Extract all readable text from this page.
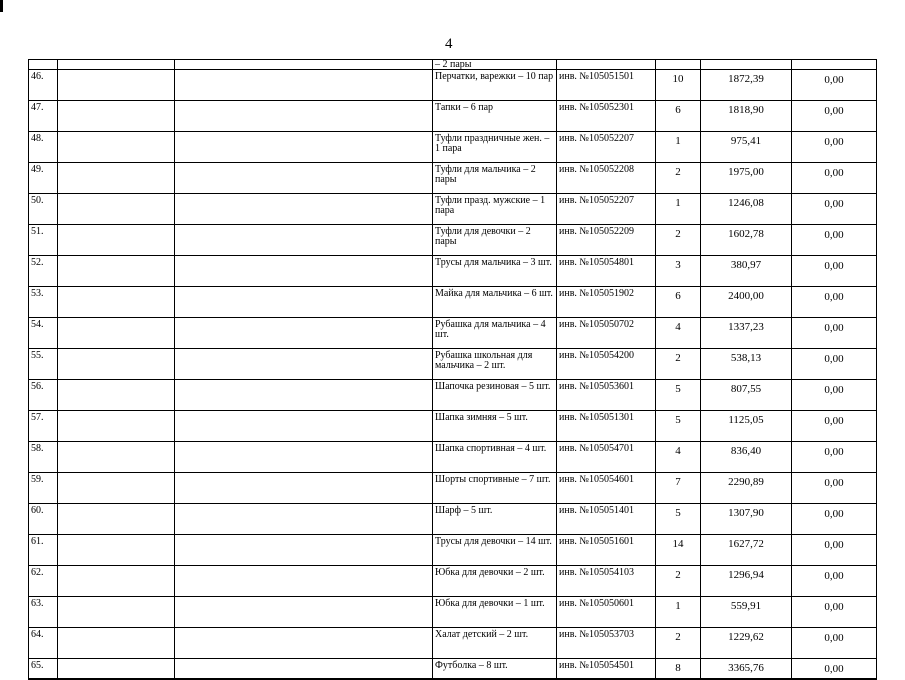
4
			– 2 пары				
46.			Перчатки, варежки – 10 пар	инв. №105051501	10	1872,39	0,00
47.			Тапки – 6 пар	инв. №105052301	6	1818,90	0,00
48.			Туфли праздничные жен. – 1 пара	инв. №105052207	1	975,41	0,00
49.			Туфли для мальчика – 2 пары	инв. №105052208	2	1975,00	0,00
50.			Туфли празд. мужские – 1 пара	инв. №105052207	1	1246,08	0,00
51.			Туфли для девочки – 2 пары	инв. №105052209	2	1602,78	0,00
52.			Трусы для мальчика – 3 шт.	инв. №105054801	3	380,97	0,00
53.			Майка для мальчика – 6 шт.	инв. №105051902	6	2400,00	0,00
54.			Рубашка для мальчика – 4 шт.	инв. №105050702	4	1337,23	0,00
55.			Рубашка школьная для мальчика – 2 шт.	инв. №105054200	2	538,13	0,00
56.			Шапочка резиновая – 5 шт.	инв. №105053601	5	807,55	0,00
57.			Шапка зимняя – 5 шт.	инв. №105051301	5	1125,05	0,00
58.			Шапка спортивная – 4 шт.	инв. №105054701	4	836,40	0,00
59.			Шорты спортивные – 7 шт.	инв. №105054601	7	2290,89	0,00
60.			Шарф – 5 шт.	инв. №105051401	5	1307,90	0,00
61.			Трусы для девочки – 14 шт.	инв. №105051601	14	1627,72	0,00
62.			Юбка для девочки – 2 шт.	инв. №105054103	2	1296,94	0,00
63.			Юбка для девочки – 1 шт.	инв. №105050601	1	559,91	0,00
64.			Халат детский – 2 шт.	инв. №105053703	2	1229,62	0,00
65.			Футболка – 8 шт.	инв. №105054501	8	3365,76	0,00
